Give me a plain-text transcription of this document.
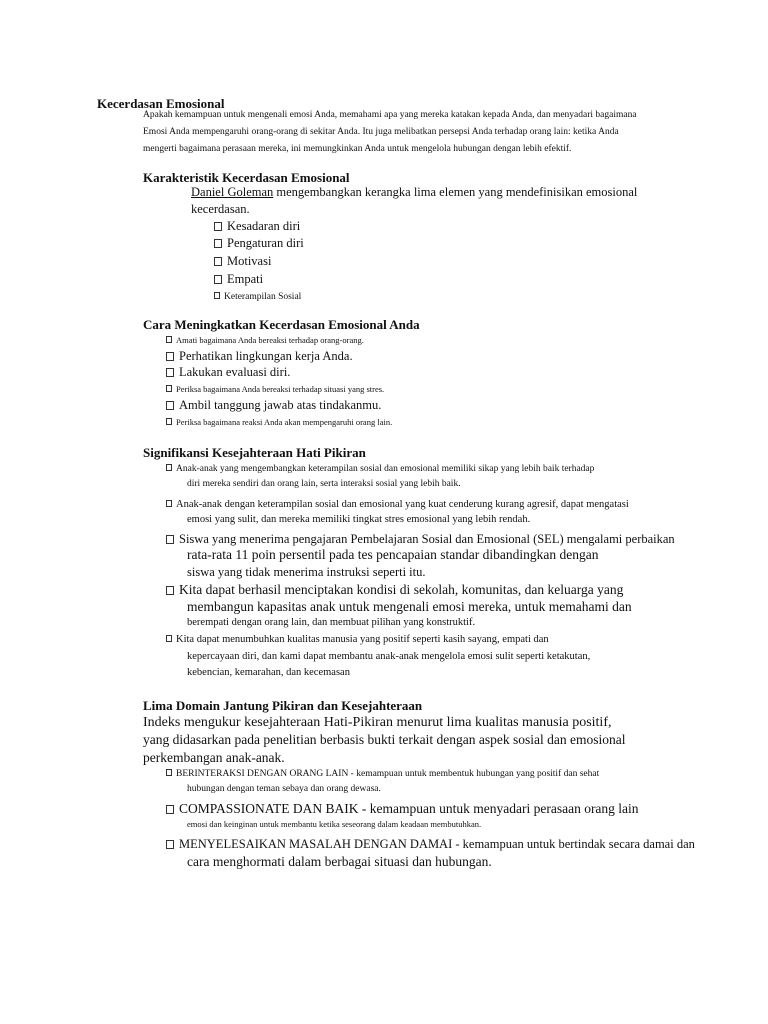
Kecerdasan Emosional
Apakah kemampuan untuk mengenali emosi Anda, memahami apa yang mereka katakan kepada Anda, dan menyadari bagaimana
Emosi Anda mempengaruhi orang-orang di sekitar Anda. Itu juga melibatkan persepsi Anda terhadap orang lain: ketika Anda
mengerti bagaimana perasaan mereka, ini memungkinkan Anda untuk mengelola hubungan dengan lebih efektif.
Karakteristik Kecerdasan Emosional
Daniel Goleman mengembangkan kerangka lima elemen yang mendefinisikan emosional
kecerdasan.
Kesadaran diri
Pengaturan diri
Motivasi
Empati
Keterampilan Sosial
Cara Meningkatkan Kecerdasan Emosional Anda
Amati bagaimana Anda bereaksi terhadap orang-orang.
Perhatikan lingkungan kerja Anda.
Lakukan evaluasi diri.
Periksa bagaimana Anda bereaksi terhadap situasi yang stres.
Ambil tanggung jawab atas tindakanmu.
Periksa bagaimana reaksi Anda akan mempengaruhi orang lain.
Signifikansi Kesejahteraan Hati Pikiran
Anak-anak yang mengembangkan keterampilan sosial dan emosional memiliki sikap yang lebih baik terhadap
diri mereka sendiri dan orang lain, serta interaksi sosial yang lebih baik.
Anak-anak dengan keterampilan sosial dan emosional yang kuat cenderung kurang agresif, dapat mengatasi
emosi yang sulit, dan mereka memiliki tingkat stres emosional yang lebih rendah.
Siswa yang menerima pengajaran Pembelajaran Sosial dan Emosional (SEL) mengalami perbaikan
rata-rata 11 poin persentil pada tes pencapaian standar dibandingkan dengan
siswa yang tidak menerima instruksi seperti itu.
Kita dapat berhasil menciptakan kondisi di sekolah, komunitas, dan keluarga yang
membangun kapasitas anak untuk mengenali emosi mereka, untuk memahami dan
berempati dengan orang lain, dan membuat pilihan yang konstruktif.
Kita dapat menumbuhkan kualitas manusia yang positif seperti kasih sayang, empati dan
kepercayaan diri, dan kami dapat membantu anak-anak mengelola emosi sulit seperti ketakutan,
kebencian, kemarahan, dan kecemasan
Lima Domain Jantung Pikiran dan Kesejahteraan
Indeks mengukur kesejahteraan Hati-Pikiran menurut lima kualitas manusia positif,
yang didasarkan pada penelitian berbasis bukti terkait dengan aspek sosial dan emosional
perkembangan anak-anak.
BERINTERAKSI DENGAN ORANG LAIN - kemampuan untuk membentuk hubungan yang positif dan sehat
hubungan dengan teman sebaya dan orang dewasa.
COMPASSIONATE DAN BAIK - kemampuan untuk menyadari perasaan orang lain
emosi dan keinginan untuk membantu ketika seseorang dalam keadaan membutuhkan.
MENYELESAIKAN MASALAH DENGAN DAMAI - kemampuan untuk bertindak secara damai dan
cara menghormati dalam berbagai situasi dan hubungan.
